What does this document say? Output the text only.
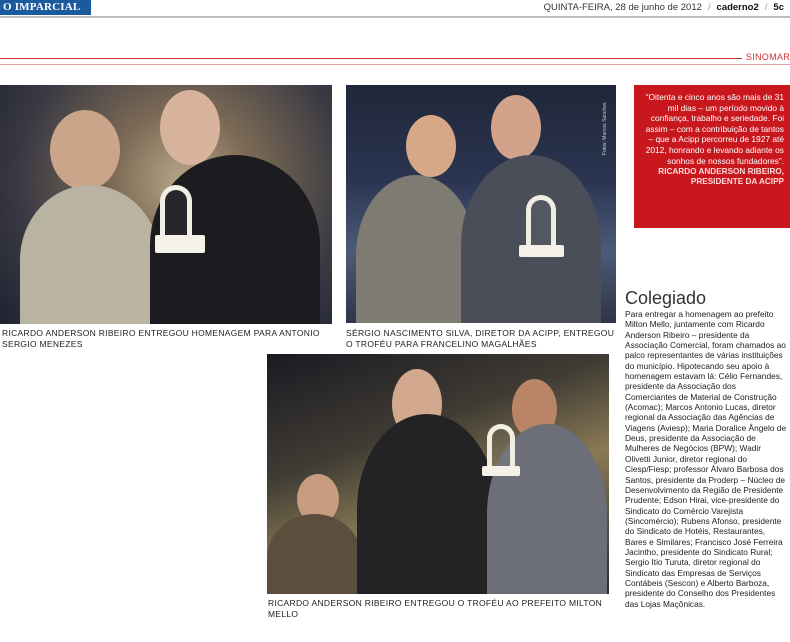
O IMPARCIAL	QUINTA-FEIRA, 28 de junho de 2012 / caderno2 / 5c
SINOMAR
Fotos: Marcos Sanches
RICARDO ANDERSON RIBEIRO ENTREGOU HOMENAGEM PARA ANTONIO SERGIO MENEZES
SÉRGIO NASCIMENTO SILVA, DIRETOR DA ACIPP, ENTREGOU O TROFÉU PARA FRANCELINO MAGALHÃES
RICARDO ANDERSON RIBEIRO ENTREGOU O TROFÉU AO PREFEITO MILTON MELLO
“Oitenta e cinco anos são mais de 31 mil dias – um período movido à confiança, trabalho e seriedade. Foi assim – com a contribuição de tantos – que a Acipp percorreu de 1927 até 2012, honrando e levando adiante os sonhos de nossos fundadores”.
RICARDO ANDERSON RIBEIRO, PRESIDENTE DA ACIPP
Colegiado

Para entregar a homenagem ao prefeito Milton Mello, juntamente com Ricardo Anderson Ribeiro – presidente da Associação Comercial, foram chamados ao palco representantes de várias instituições do município. Hipotecando seu apoio à homenagem estavam lá: Célio Fernandes, presidente da Associação dos Comerciantes de Material de Construção (Acomac); Marcos Antonio Lucas, diretor regional da Associação das Agências de Viagens (Aviesp); Maria Doralice Ângelo de Deus, presidente da Associação de Mulheres de Negócios (BPW); Wadir Olivetti Junior, diretor regional do Ciesp/Fiesp; professor Álvaro Barbosa dos Santos, presidente da Proderp – Núcleo de Desenvolvimento da Região de Presidente Prudente; Edson Hirai, vice-presidente do Sindicato do Comércio Varejista (Sincomércio); Rubens Afonso, presidente do Sindicato de Hotéis, Restaurantes, Bares e Similares; Francisco José Ferreira Jacintho, presidente do Sindicato Rural; Sergio Itio Turuta, diretor regional do Sindicato das Empresas de Serviços Contábeis (Sescon) e Alberto Barboza, presidente do Conselho dos Presidentes das Lojas Maçônicas.
